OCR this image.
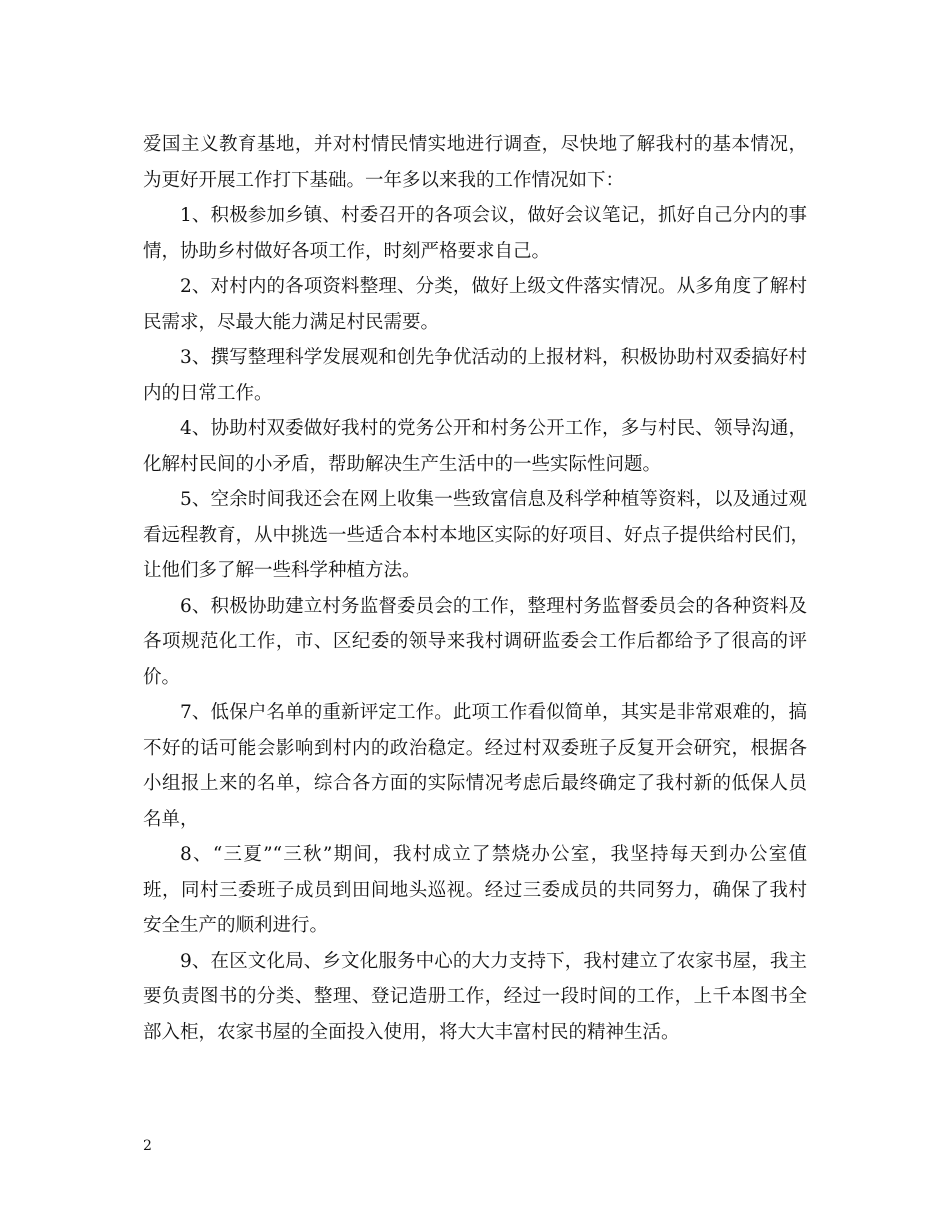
爱国主义教育基地，并对村情民情实地进行调查，尽快地了解我村的基本情况，
为更好开展工作打下基础。一年多以来我的工作情况如下：
1、积极参加乡镇、村委召开的各项会议，做好会议笔记，抓好自己分内的事
情，协助乡村做好各项工作，时刻严格要求自己。
2、对村内的各项资料整理、分类，做好上级文件落实情况。从多角度了解村
民需求，尽最大能力满足村民需要。
3、撰写整理科学发展观和创先争优活动的上报材料，积极协助村双委搞好村
内的日常工作。
4、协助村双委做好我村的党务公开和村务公开工作，多与村民、领导沟通，
化解村民间的小矛盾，帮助解决生产生活中的一些实际性问题。
5、空余时间我还会在网上收集一些致富信息及科学种植等资料，以及通过观
看远程教育，从中挑选一些适合本村本地区实际的好项目、好点子提供给村民们，
让他们多了解一些科学种植方法。
6、积极协助建立村务监督委员会的工作，整理村务监督委员会的各种资料及
各项规范化工作，市、区纪委的领导来我村调研监委会工作后都给予了很高的评
价。
7、低保户名单的重新评定工作。此项工作看似简单，其实是非常艰难的，搞
不好的话可能会影响到村内的政治稳定。经过村双委班子反复开会研究，根据各
小组报上来的名单，综合各方面的实际情况考虑后最终确定了我村新的低保人员
名单，
8、“三夏”“三秋”期间，我村成立了禁烧办公室，我坚持每天到办公室值
班，同村三委班子成员到田间地头巡视。经过三委成员的共同努力，确保了我村
安全生产的顺利进行。
9、在区文化局、乡文化服务中心的大力支持下，我村建立了农家书屋，我主
要负责图书的分类、整理、登记造册工作，经过一段时间的工作，上千本图书全
部入柜，农家书屋的全面投入使用，将大大丰富村民的精神生活。
2
